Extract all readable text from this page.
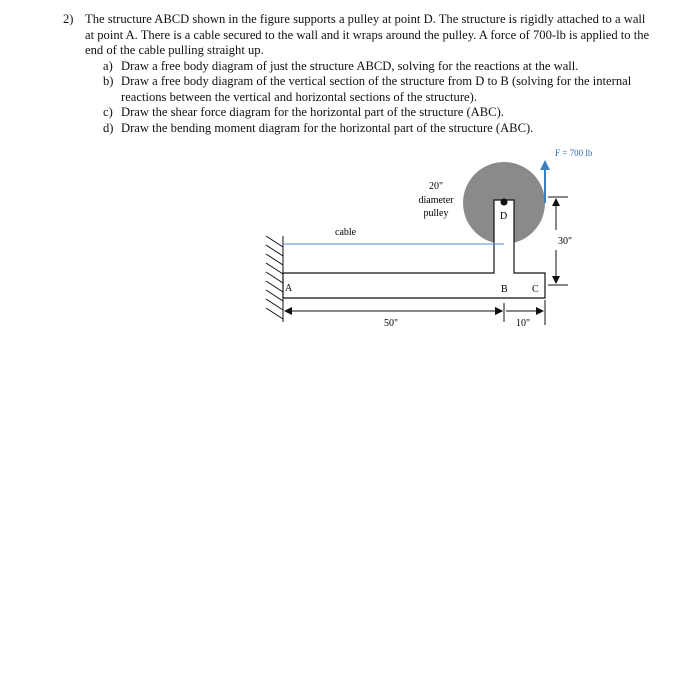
2) The structure ABCD shown in the figure supports a pulley at point D. The structure is rigidly attached to a wall at point A. There is a cable secured to the wall and it wraps around the pulley. A force of 700-lb is applied to the end of the cable pulling straight up.
a) Draw a free body diagram of just the structure ABCD, solving for the reactions at the wall.
b) Draw a free body diagram of the vertical section of the structure from D to B (solving for the internal reactions between the vertical and horizontal sections of the structure).
c) Draw the shear force diagram for the horizontal part of the structure (ABC).
d) Draw the bending moment diagram for the horizontal part of the structure (ABC).
F = 700 lb
20"
diameter
pulley
cable
A	B C
D
30"
50"	10"
